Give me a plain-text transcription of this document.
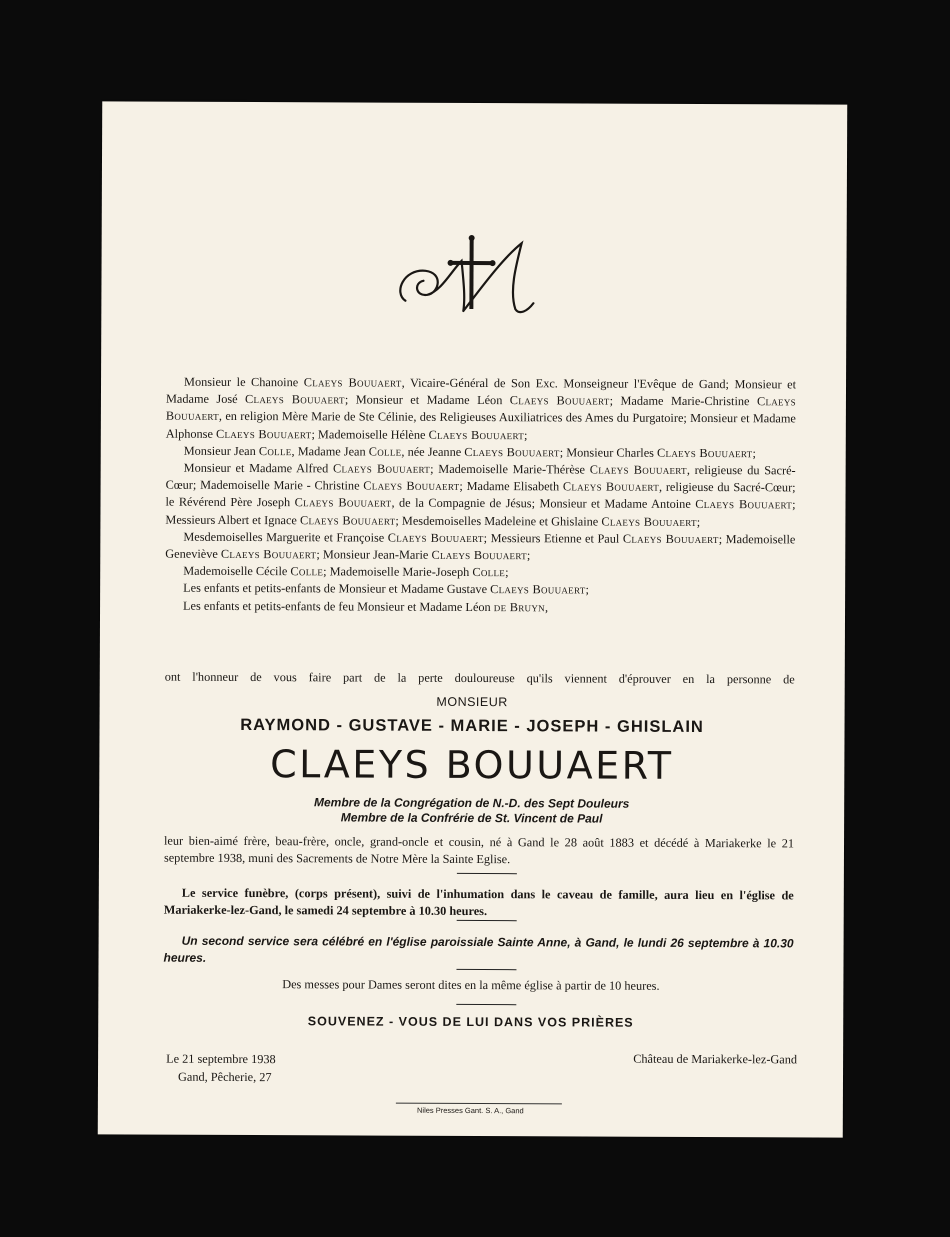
Monsieur le Chanoine Claeys Bouuaert, Vicaire-Général de Son Exc. Monseigneur l'Evêque de Gand; Monsieur et Madame José Claeys Bouuaert; Monsieur et Madame Léon Claeys Bouuaert; Madame Marie-Christine Claeys Bouuaert, en religion Mère Marie de Ste Célinie, des Religieuses Auxiliatrices des Ames du Purgatoire; Monsieur et Madame Alphonse Claeys Bouuaert; Mademoiselle Hélène Claeys Bouuaert;

Monsieur Jean Colle, Madame Jean Colle, née Jeanne Claeys Bouuaert; Monsieur Charles Claeys Bouuaert;

Monsieur et Madame Alfred Claeys Bouuaert; Mademoiselle Marie-Thérèse Claeys Bouuaert, religieuse du Sacré-Cœur; Mademoiselle Marie - Christine Claeys Bouuaert; Madame Elisabeth Claeys Bouuaert, religieuse du Sacré-Cœur; le Révérend Père Joseph Claeys Bouuaert, de la Compagnie de Jésus; Monsieur et Madame Antoine Claeys Bouuaert; Messieurs Albert et Ignace Claeys Bouuaert; Mesdemoiselles Madeleine et Ghislaine Claeys Bouuaert;

Mesdemoiselles Marguerite et Françoise Claeys Bouuaert; Messieurs Etienne et Paul Claeys Bouuaert; Mademoiselle Geneviève Claeys Bouuaert; Monsieur Jean-Marie Claeys Bouuaert;

Mademoiselle Cécile Colle; Mademoiselle Marie-Joseph Colle;

Les enfants et petits-enfants de Monsieur et Madame Gustave Claeys Bouuaert;

Les enfants et petits-enfants de feu Monsieur et Madame Léon de Bruyn,

ont l'honneur de vous faire part de la perte douloureuse qu'ils viennent d'éprouver en la personne de
MONSIEUR
RAYMOND - GUSTAVE - MARIE - JOSEPH - GHISLAIN
CLAEYS BOUUAERT
Membre de la Congrégation de N.-D. des Sept Douleurs
Membre de la Confrérie de St. Vincent de Paul

leur bien-aimé frère, beau-frère, oncle, grand-oncle et cousin, né à Gand le 28 août 1883 et décédé à Mariakerke le 21 septembre 1938, muni des Sacrements de Notre Mère la Sainte Eglise.

Le service funèbre, (corps présent), suivi de l'inhumation dans le caveau de famille, aura lieu en l'église de Mariakerke-lez-Gand, le samedi 24 septembre à 10.30 heures.

Un second service sera célébré en l'église paroissiale Sainte Anne, à Gand, le lundi 26 septembre à 10.30 heures.

Des messes pour Dames seront dites en la même église à partir de 10 heures.
SOUVENEZ - VOUS DE LUI DANS VOS PRIÈRES
Le 21 septembre 1938
Gand, Pêcherie, 27
Château de Mariakerke-lez-Gand
Niles Presses Gant. S. A., Gand
